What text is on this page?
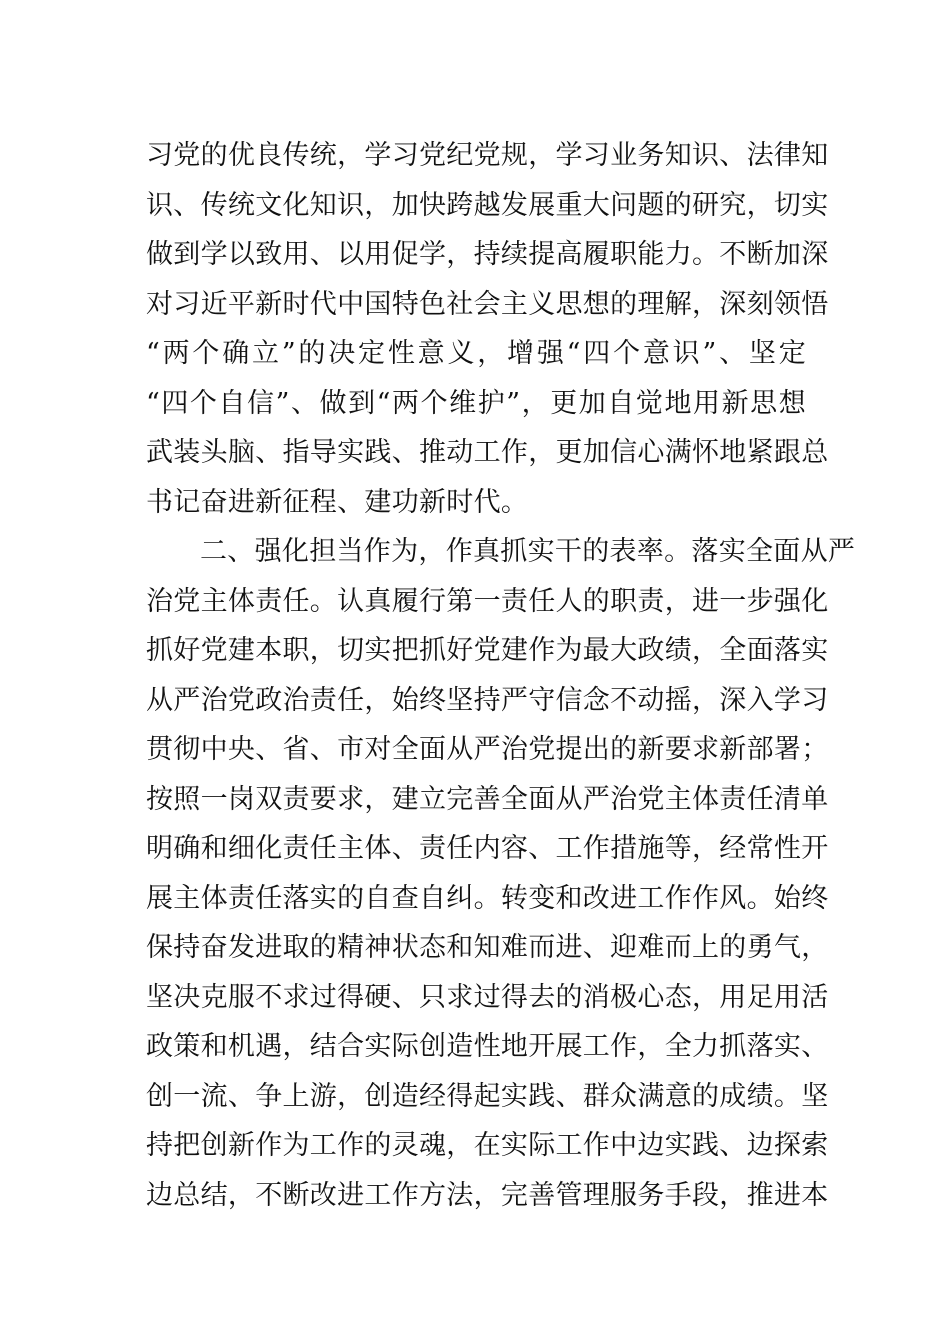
习党的优良传统，学习党纪党规，学习业务知识、法律知
识、传统文化知识，加快跨越发展重大问题的研究，切实
做到学以致用、以用促学，持续提高履职能力。不断加深
对习近平新时代中国特色社会主义思想的理解，深刻领悟
“两个确立”的决定性意义，增强“四个意识”、坚定
“四个自信”、做到“两个维护”，更加自觉地用新思想
武装头脑、指导实践、推动工作，更加信心满怀地紧跟总
书记奋进新征程、建功新时代。
二、强化担当作为，作真抓实干的表率。落实全面从严
治党主体责任。认真履行第一责任人的职责，进一步强化
抓好党建本职，切实把抓好党建作为最大政绩，全面落实
从严治党政治责任，始终坚持严守信念不动摇，深入学习
贯彻中央、省、市对全面从严治党提出的新要求新部署；
按照一岗双责要求，建立完善全面从严治党主体责任清单
明确和细化责任主体、责任内容、工作措施等，经常性开
展主体责任落实的自查自纠。转变和改进工作作风。始终
保持奋发进取的精神状态和知难而进、迎难而上的勇气，
坚决克服不求过得硬、只求过得去的消极心态，用足用活
政策和机遇，结合实际创造性地开展工作，全力抓落实、
创一流、争上游，创造经得起实践、群众满意的成绩。坚
持把创新作为工作的灵魂，在实际工作中边实践、边探索
边总结，不断改进工作方法，完善管理服务手段，推进本
